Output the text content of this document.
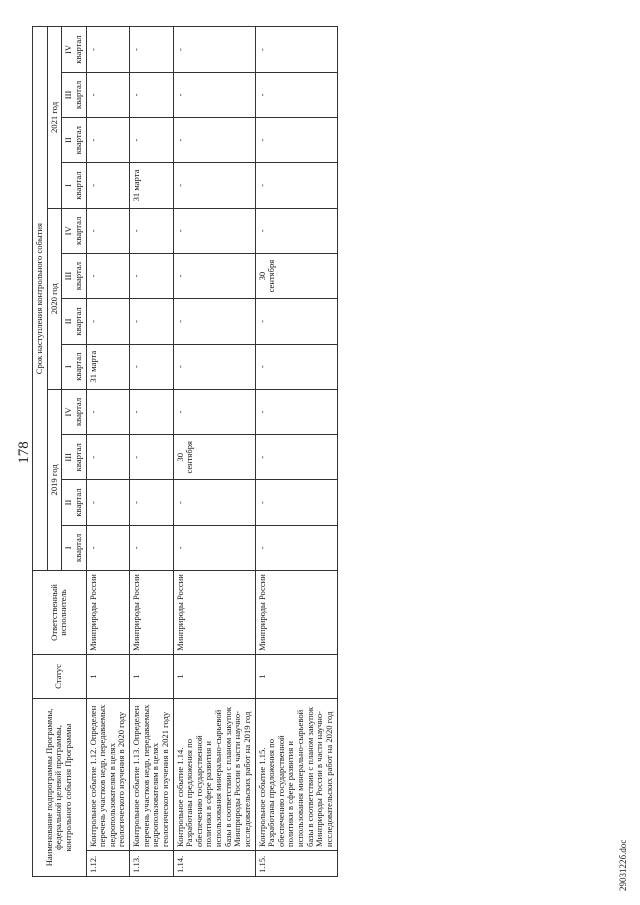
178
Наименование подпрограммы Программы, федеральной целевой программы, контрольного события Программы		Статус	Ответственный исполнитель	Срок наступления контрольного события											
				2019 год				2020 год				2021 год			

				I квартал	II квартал	III квартал	IV квартал	I квартал	II квартал	III квартал	IV квартал	I квартал	II квартал	III квартал	IV квартал

1.12.	Контрольное событие 1.12. Определен перечень участков недр, передаваемых недропользователям в целях геологического изучения в 2020 году	1	Минприроды России	-	-	-	-	31 марта	-	-	-	-	-	-	-
1.13.	Контрольное событие 1.13. Определен перечень участков недр, передаваемых недропользователям в целях геологического изучения в 2021 году	1	Минприроды России	-	-	-	-	-	-	-	-	31 марта	-	-	-
1.14.	Контрольное событие 1.14. Разработаны предложения по обеспечению государственной политики в сфере развития и использования минерально-сырьевой базы в соответствии с планом закупок Минприроды России в части научно-исследовательских работ на 2019 год	1	Минприроды России	-	-	30 сентября	-	-	-	-	-	-	-	-	-
1.15.	Контрольное событие 1.15. Разработаны предложения по обеспечению государственной политики в сфере развития и использования минерально-сырьевой базы в соответствии с планом закупок Минприроды России в части научно-исследовательских работ на 2020 год	1	Минприроды России	-	-	-	-	-	-	30 сентября	-	-	-	-	-
2903122б.doc
